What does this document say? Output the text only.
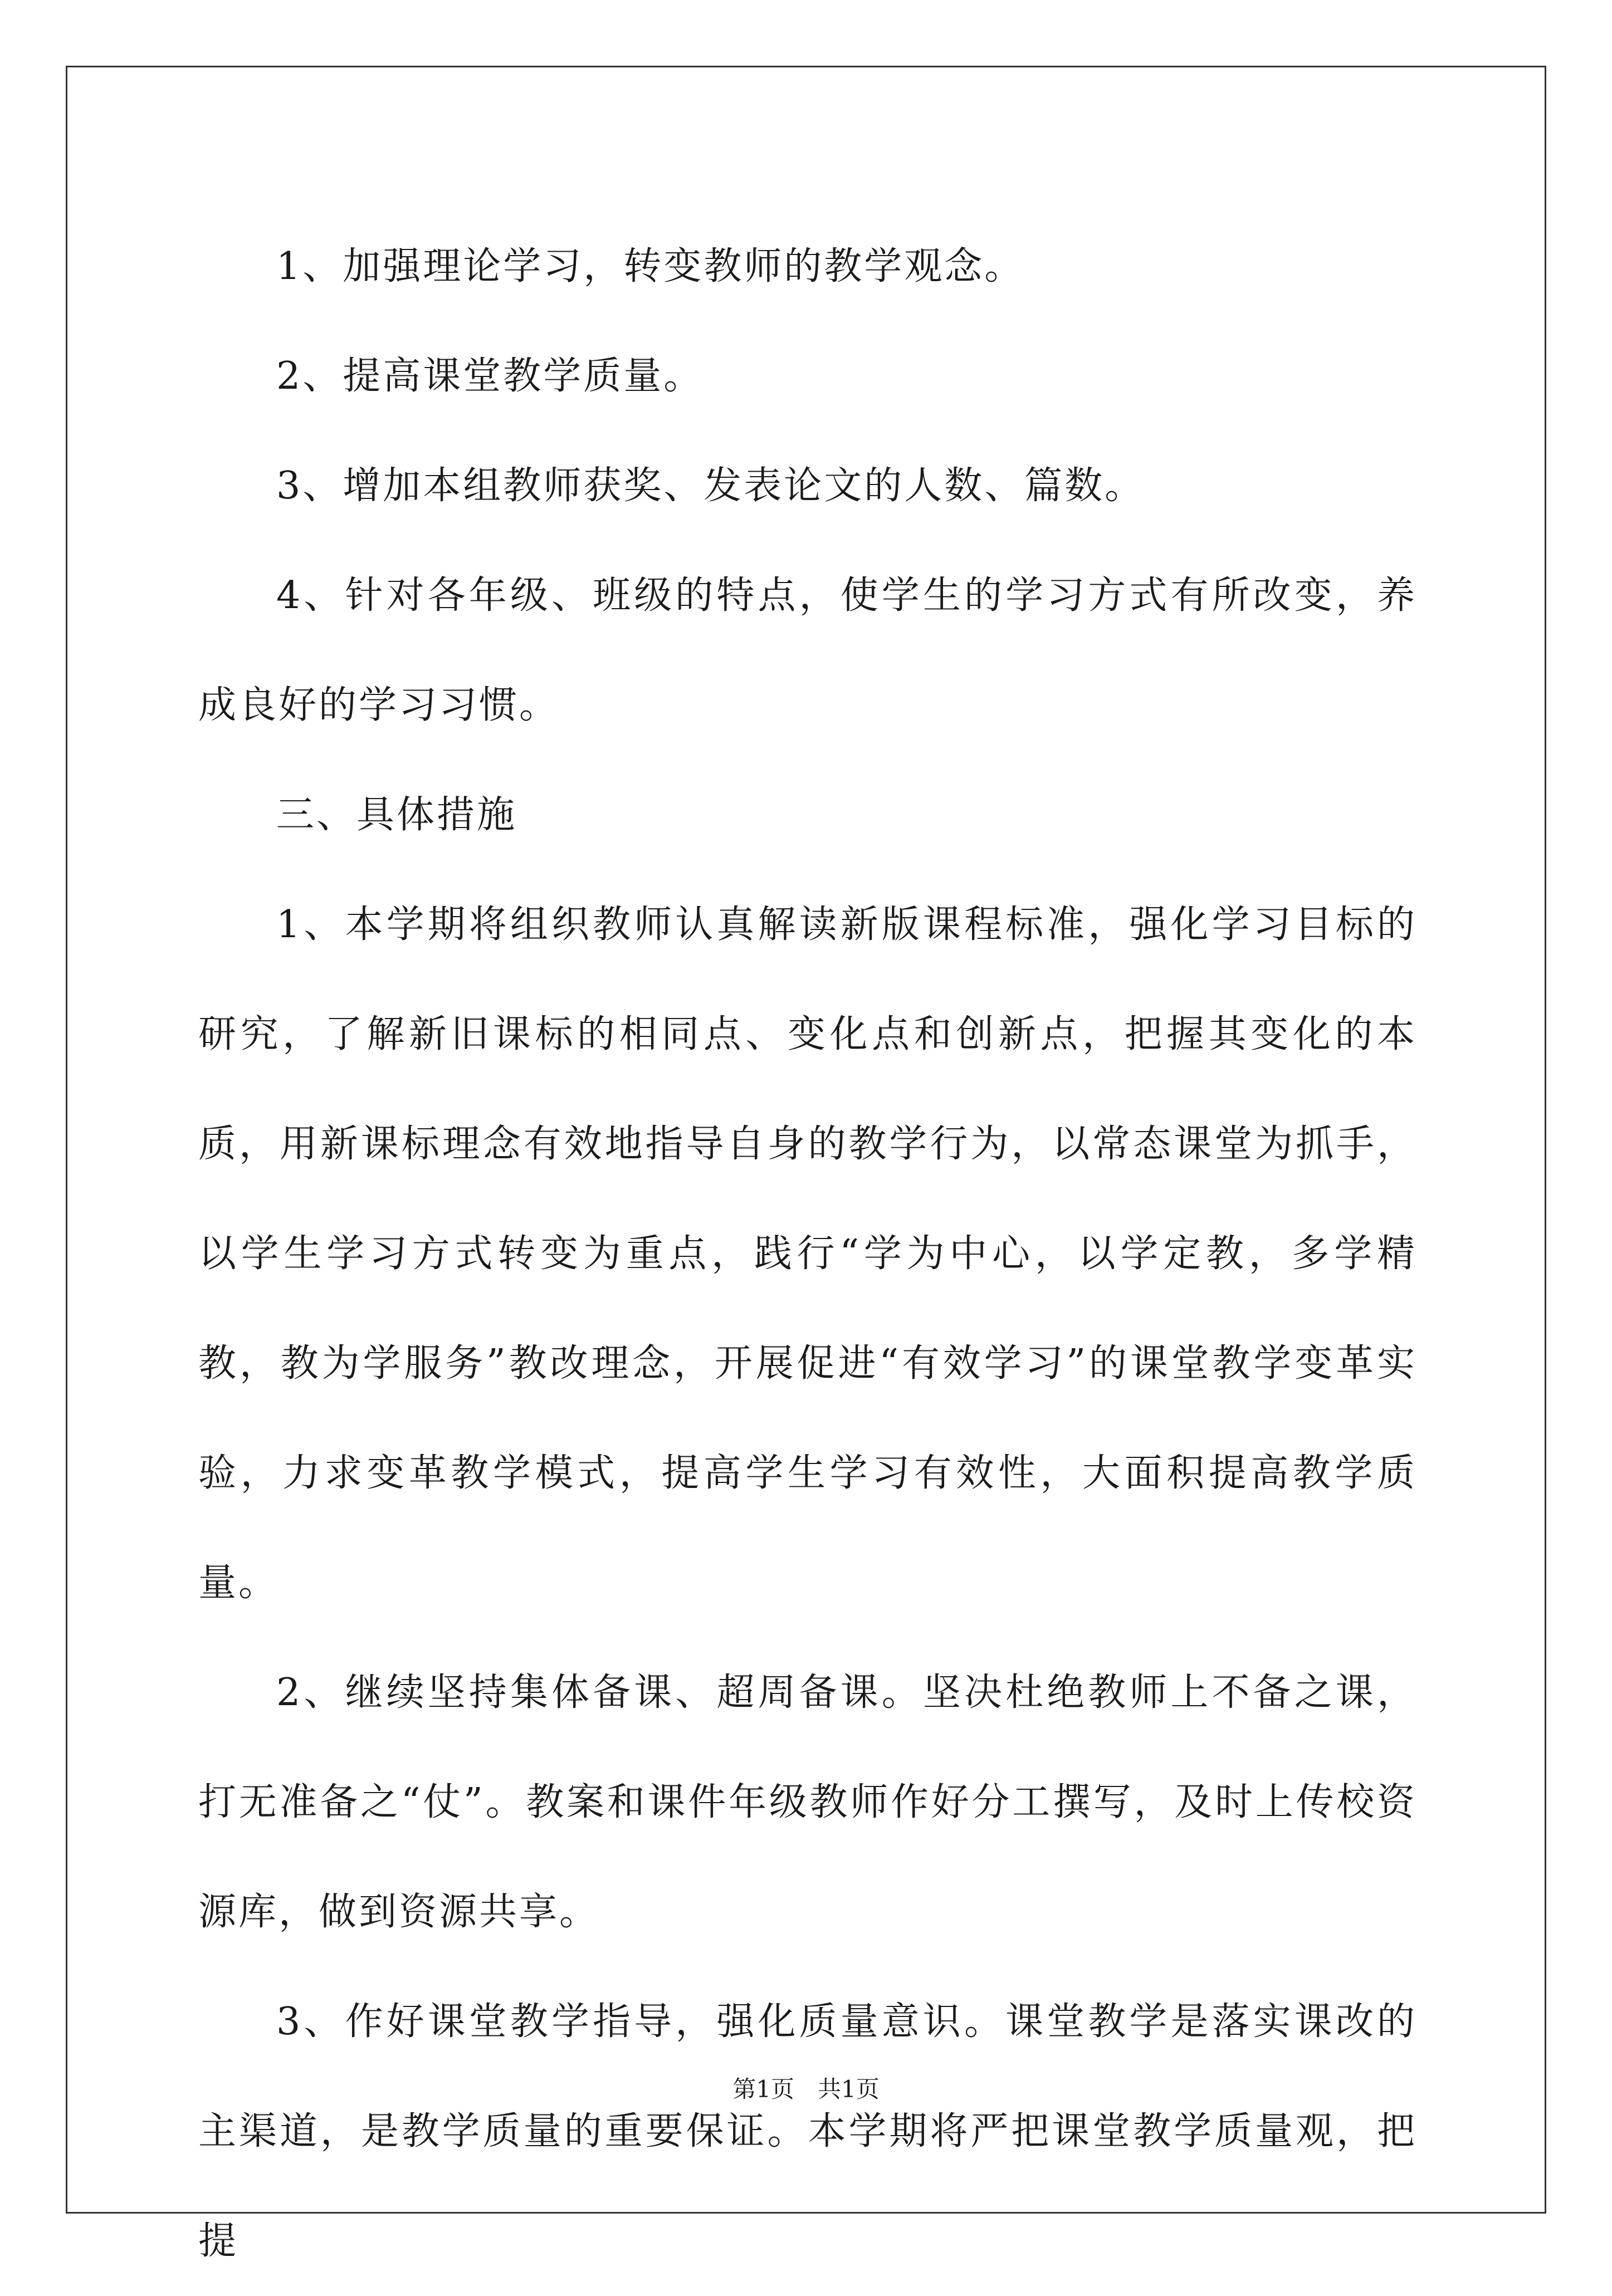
1、加强理论学习，转变教师的教学观念。

2、提高课堂教学质量。

3、增加本组教师获奖、发表论文的人数、篇数。

4、针对各年级、班级的特点，使学生的学习方式有所改变，养成良好的学习习惯。

三、具体措施

1、本学期将组织教师认真解读新版课程标准，强化学习目标的研究，了解新旧课标的相同点、变化点和创新点，把握其变化的本质，用新课标理念有效地指导自身的教学行为，以常态课堂为抓手，以学生学习方式转变为重点，践行“学为中心，以学定教，多学精教，教为学服务”教改理念，开展促进“有效学习”的课堂教学变革实验，力求变革教学模式，提高学生学习有效性，大面积提高教学质量。

2、继续坚持集体备课、超周备课。坚决杜绝教师上不备之课，打无准备之“仗”。教案和课件年级教师作好分工撰写，及时上传校资源库，做到资源共享。

3、作好课堂教学指导，强化质量意识。课堂教学是落实课改的主渠道，是教学质量的重要保证。本学期将严把课堂教学质量观，把提

第1页　共1页
